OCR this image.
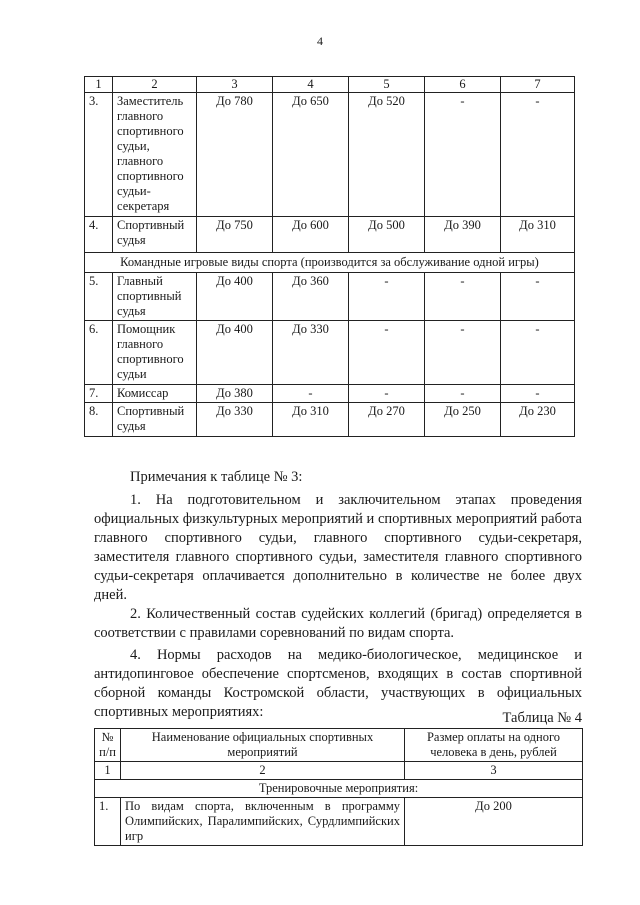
4
1	2	3	4	5	6	7
3.	Заместитель главного спортивного судьи, главного спортивного судьи-секретаря	До 780	До 650	До 520	-	-
4.	Спортивный судья	До 750	До 600	До 500	До 390	До 310
Командные игровые виды спорта (производится за обслуживание одной игры)						
5.	Главный спортивный судья	До 400	До 360	-	-	-
6.	Помощник главного спортивного судьи	До 400	До 330	-	-	-
7.	Комиссар	До 380	-	-	-	-
8.	Спортивный судья	До 330	До 310	До 270	До 250	До 230

Примечания к таблице № 3:

1. На подготовительном и заключительном этапах проведения официальных физкультурных мероприятий и спортивных мероприятий работа главного спортивного судьи, главного спортивного судьи-секретаря, заместителя главного спортивного судьи, заместителя главного спортивного судьи-секретаря оплачивается дополнительно в количестве не более двух дней.

2. Количественный состав судейских коллегий (бригад) определяется в соответствии с правилами соревнований по видам спорта.

4. Нормы расходов на медико-биологическое, медицинское и антидопинговое обеспечение спортсменов, входящих в состав спортивной сборной команды Костромской области, участвующих в официальных спортивных мероприятиях:	Таблица № 4
№ п/п	Наименование официальных спортивных мероприятий	Размер оплаты на одного человека в день, рублей
1	2	3
Тренировочные мероприятия:		
1.	По видам спорта, включенным в программу Олимпийских, Паралимпийских, Сурдлимпийских игр	До 200
